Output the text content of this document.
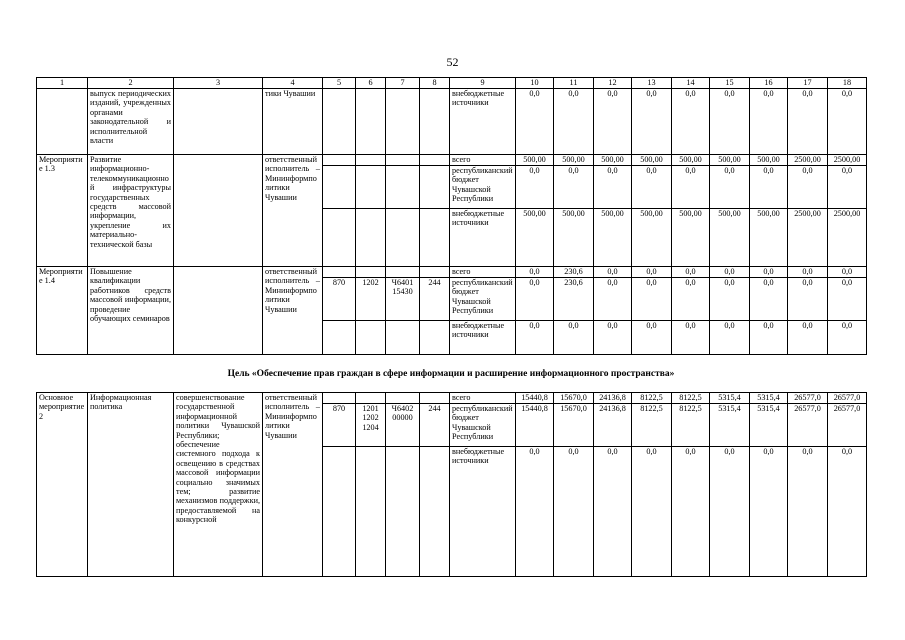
52
1	2	3	4	5	6	7	8	9	10	11	12	13	14	15	16	17	18
	выпуск периодических изданий, учрежденных органами законодательной и исполнительной власти		тики Чувашии					внебюджетные источники	0,0	0,0	0,0	0,0	0,0	0,0	0,0	0,0	0,0
Мероприятие 1.3	Развитие информационно-телекоммуникационной инфраструктуры государственных средств массовой информации, укрепление их материально-технической базы		ответственный исполнитель – Мининформполитики Чувашии					всего	500,00	500,00	500,00	500,00	500,00	500,00	500,00	2500,00	2500,00
								республиканский бюджет Чувашской Республики	0,0	0,0	0,0	0,0	0,0	0,0	0,0	0,0	0,0
								внебюджетные источники	500,00	500,00	500,00	500,00	500,00	500,00	500,00	2500,00	2500,00
Мероприятие 1.4	Повышение квалификации работников средств массовой информации, проведение обучающих семинаров		ответственный исполнитель – Мининформполитики Чувашии					всего	0,0	230,6	0,0	0,0	0,0	0,0	0,0	0,0	0,0
				870	1202	Ч6401 15430	244	республиканский бюджет Чувашской Республики	0,0	230,6	0,0	0,0	0,0	0,0	0,0	0,0	0,0
								внебюджетные источники	0,0	0,0	0,0	0,0	0,0	0,0	0,0	0,0	0,0
Цель «Обеспечение прав граждан в сфере информации и расширение информационного пространства»
Основное мероприятие 2	Информационная политика	совершенствование государственной информационной политики Чувашской Республики; обеспечение системного подхода к освещению в средствах массовой информации социально значимых тем; развитие механизмов поддержки, предоставляемой на конкурсной	ответственный исполнитель – Мининформполитики Чувашии					всего	15440,8	15670,0	24136,8	8122,5	8122,5	5315,4	5315,4	26577,0	26577,0
				870	1201 1202 1204	Ч6402 00000	244	республиканский бюджет Чувашской Республики	15440,8	15670,0	24136,8	8122,5	8122,5	5315,4	5315,4	26577,0	26577,0
								внебюджетные источники	0,0	0,0	0,0	0,0	0,0	0,0	0,0	0,0	0,0
